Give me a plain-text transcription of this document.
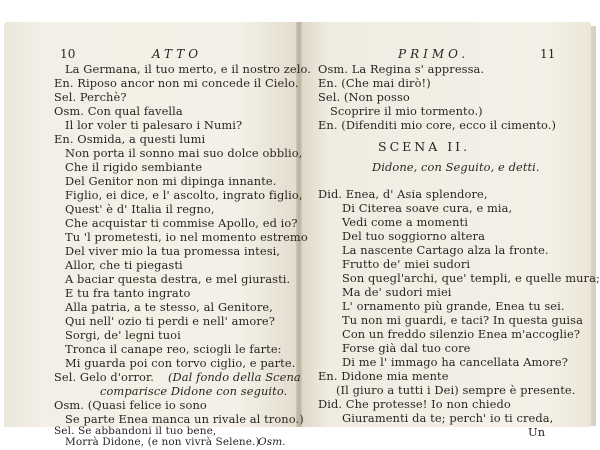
10	ATTO
La Germana, il tuo merto, e il nostro zelo.
En. Riposo ancor non mi concede il Cielo.
Sel. Perchè?
Osm. Con qual favella
Il lor voler ti palesaro i Numi?
En. Osmida, a questi lumi
Non porta il sonno mai suo dolce obblio,
Che il rigido sembiante
Del Genitor non mi dipinga innante.
Figlio, ei dice, e l' ascolto, ingrato figlio,
Quest' è d' Italia il regno,
Che acquistar ti commise Apollo, ed io?
Tu 'l prometesti, io nel momento estremo
Del viver mio la tua promessa intesi,
Allor, che ti piegasti
A baciar questa destra, e mel giurasti.
E tu fra tanto ingrato
Alla patria, a te stesso, al Genitore,
Qui nell' ozio ti perdi e nell' amore?
Sorgi, de' legni tuoi
Tronca il canape reo, sciogli le farte:
Mi guarda poi con torvo ciglio, e parte.
Sel. Gelo d'orror. (Dal fondo della Scena
comparisce Didone con seguito.
Osm. (Quasi felice io sono
Se parte Enea manca un rivale al trono.)
Sel. Se abbandoni il tuo bene,
Morrà Didone, (e non vivrà Selene.)
Osm.
PRIMO.	11
Osm. La Regina s' appressa.
En. (Che mai dirò!)
Sel. (Non posso
Scoprire il mio tormento.)
En. (Difenditi mio core, ecco il cimento.)
SCENA II.
Didone, con Seguito, e detti.
Did. Enea, d' Asia splendore,
Di Citerea soave cura, e mia,
Vedi come a momenti
Del tuo soggiorno altera
La nascente Cartago alza la fronte.
Frutto de' miei sudori
Son quegl'archi, que' templi, e quelle mura;
Ma de' sudori miei
L' ornamento più grande, Enea tu sei.
Tu non mi guardi, e taci? In questa guisa
Con un freddo silenzio Enea m'accoglie?
Forse già dal tuo core
Di me l' immago ha cancellata Amore?
En. Didone mia mente
(Il giuro a tutti i Dei) sempre è presente.
Did. Che protesse! Io non chiedo
Giuramenti da te; perch' io ti creda,
Un
